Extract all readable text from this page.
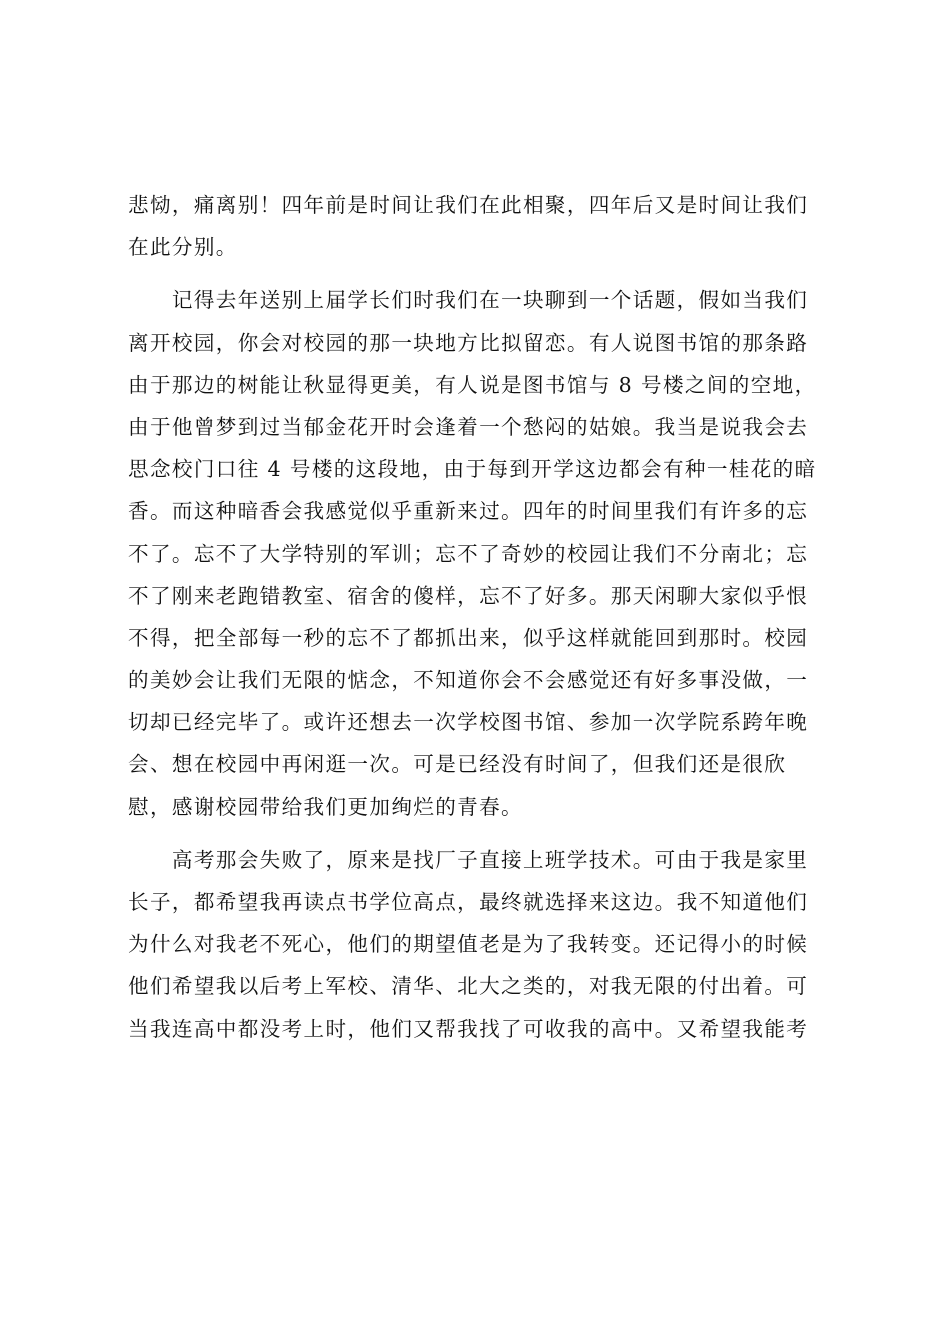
悲恸，痛离别！四年前是时间让我们在此相聚，四年后又是时间让我们
在此分别。
　　记得去年送别上届学长们时我们在一块聊到一个话题，假如当我们
离开校园，你会对校园的那一块地方比拟留恋。有人说图书馆的那条路
由于那边的树能让秋显得更美，有人说是图书馆与 8 号楼之间的空地，
由于他曾梦到过当郁金花开时会逢着一个愁闷的姑娘。我当是说我会去
思念校门口往 4 号楼的这段地，由于每到开学这边都会有种一桂花的暗
香。而这种暗香会我感觉似乎重新来过。四年的时间里我们有许多的忘
不了。忘不了大学特别的军训；忘不了奇妙的校园让我们不分南北；忘
不了刚来老跑错教室、宿舍的傻样，忘不了好多。那天闲聊大家似乎恨
不得，把全部每一秒的忘不了都抓出来，似乎这样就能回到那时。校园
的美妙会让我们无限的惦念，不知道你会不会感觉还有好多事没做，一
切却已经完毕了。或许还想去一次学校图书馆、参加一次学院系跨年晚
会、想在校园中再闲逛一次。可是已经没有时间了，但我们还是很欣
慰，感谢校园带给我们更加绚烂的青春。
　　高考那会失败了，原来是找厂子直接上班学技术。可由于我是家里
长子，都希望我再读点书学位高点，最终就选择来这边。我不知道他们
为什么对我老不死心，他们的期望值老是为了我转变。还记得小的时候
他们希望我以后考上军校、清华、北大之类的，对我无限的付出着。可
当我连高中都没考上时，他们又帮我找了可收我的高中。又希望我能考
